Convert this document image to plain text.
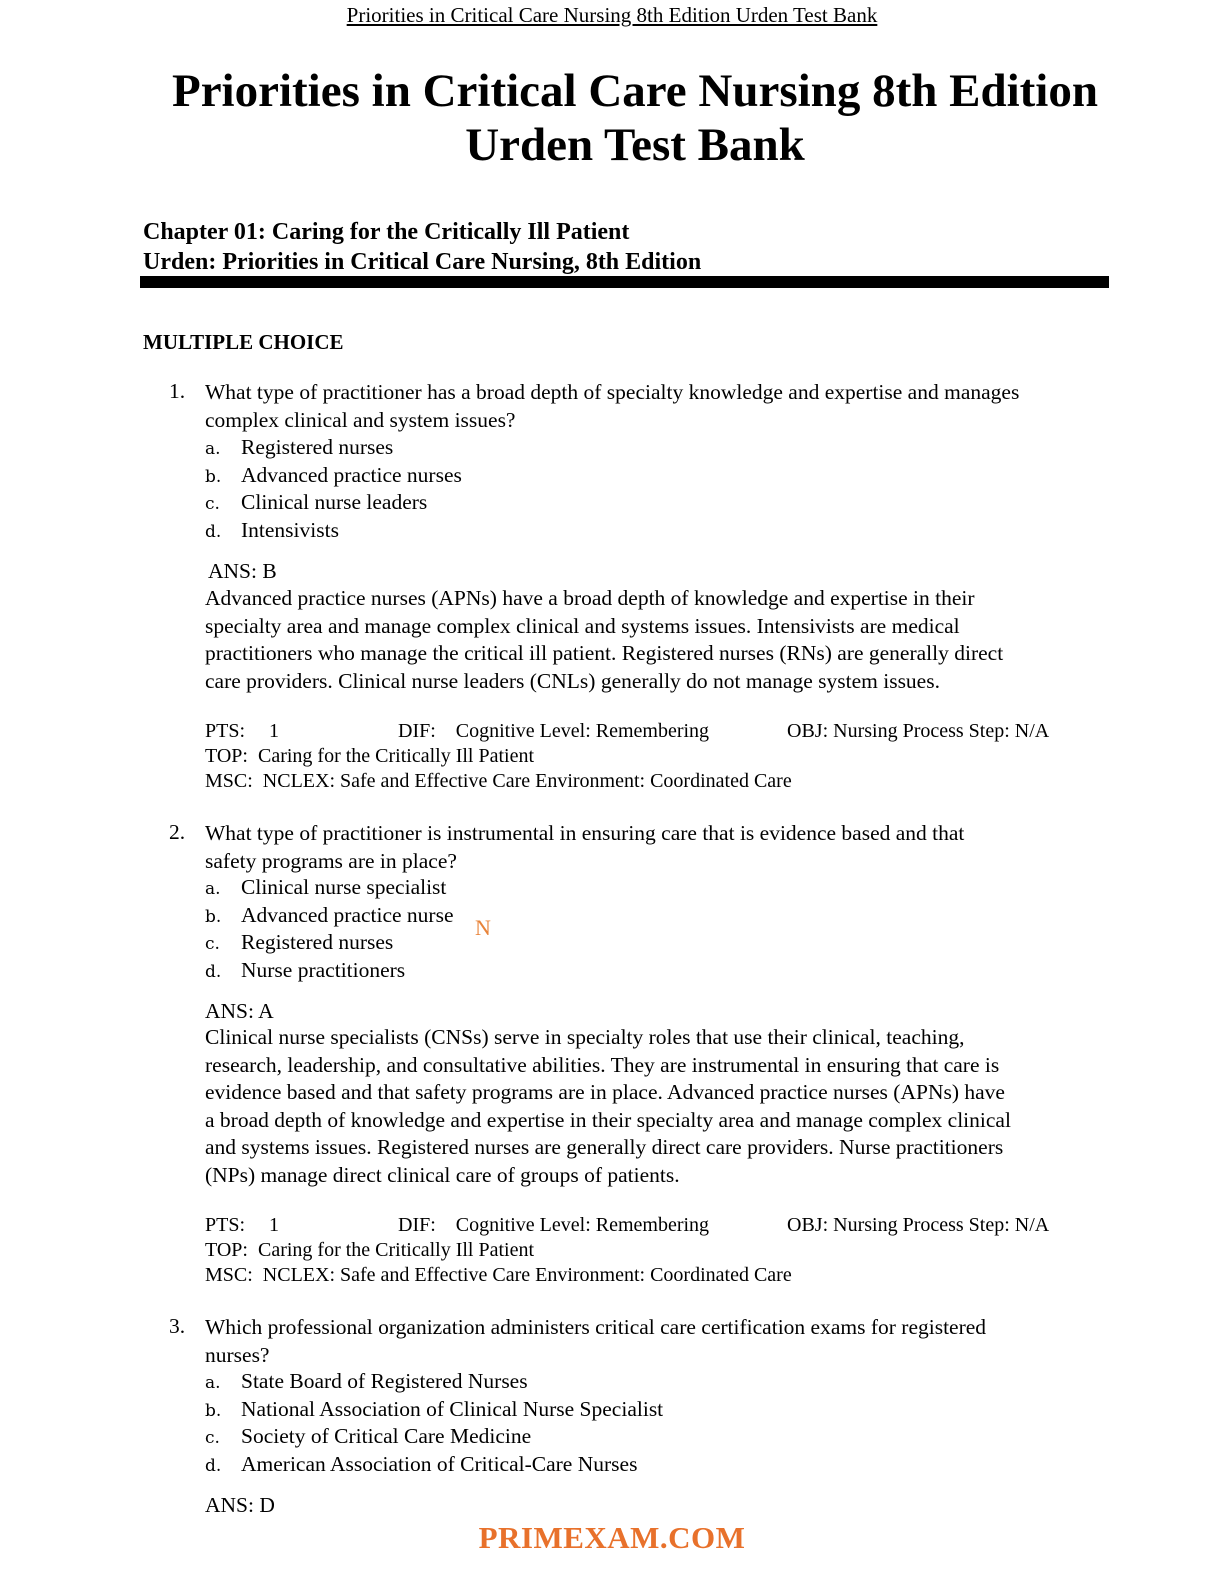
Priorities in Critical Care Nursing 8th Edition Urden Test Bank
Priorities in Critical Care Nursing 8th Edition
Urden Test Bank
Chapter 01: Caring for the Critically Ill Patient
Urden: Priorities in Critical Care Nursing, 8th Edition
MULTIPLE CHOICE
1. What type of practitioner has a broad depth of specialty knowledge and expertise and manages
complex clinical and system issues?
a. Registered nurses
b. Advanced practice nurses
c. Clinical nurse leaders
d. Intensivists
ANS: B
Advanced practice nurses (APNs) have a broad depth of knowledge and expertise in their
specialty area and manage complex clinical and systems issues. Intensivists are medical
practitioners who manage the critical ill patient. Registered nurses (RNs) are generally direct
care providers. Clinical nurse leaders (CNLs) generally do not manage system issues.
PTS: 1	DIF:    Cognitive Level: Remembering	OBJ: Nursing Process Step: N/A
TOP:  Caring for the Critically Ill Patient
MSC:  NCLEX: Safe and Effective Care Environment: Coordinated Care
2. What type of practitioner is instrumental in ensuring care that is evidence based and that
safety programs are in place?
a. Clinical nurse specialist
b. Advanced practice nurse
c. Registered nurses
d. Nurse practitioners
N
ANS: A
Clinical nurse specialists (CNSs) serve in specialty roles that use their clinical, teaching,
research, leadership, and consultative abilities. They are instrumental in ensuring that care is
evidence based and that safety programs are in place. Advanced practice nurses (APNs) have
a broad depth of knowledge and expertise in their specialty area and manage complex clinical
and systems issues. Registered nurses are generally direct care providers. Nurse practitioners
(NPs) manage direct clinical care of groups of patients.
PTS: 1	DIF:    Cognitive Level: Remembering	OBJ: Nursing Process Step: N/A
TOP:  Caring for the Critically Ill Patient
MSC:  NCLEX: Safe and Effective Care Environment: Coordinated Care
3. Which professional organization administers critical care certification exams for registered
nurses?
a. State Board of Registered Nurses
b. National Association of Clinical Nurse Specialist
c. Society of Critical Care Medicine
d. American Association of Critical-Care Nurses
ANS: D
PRIMEXAM.COM
